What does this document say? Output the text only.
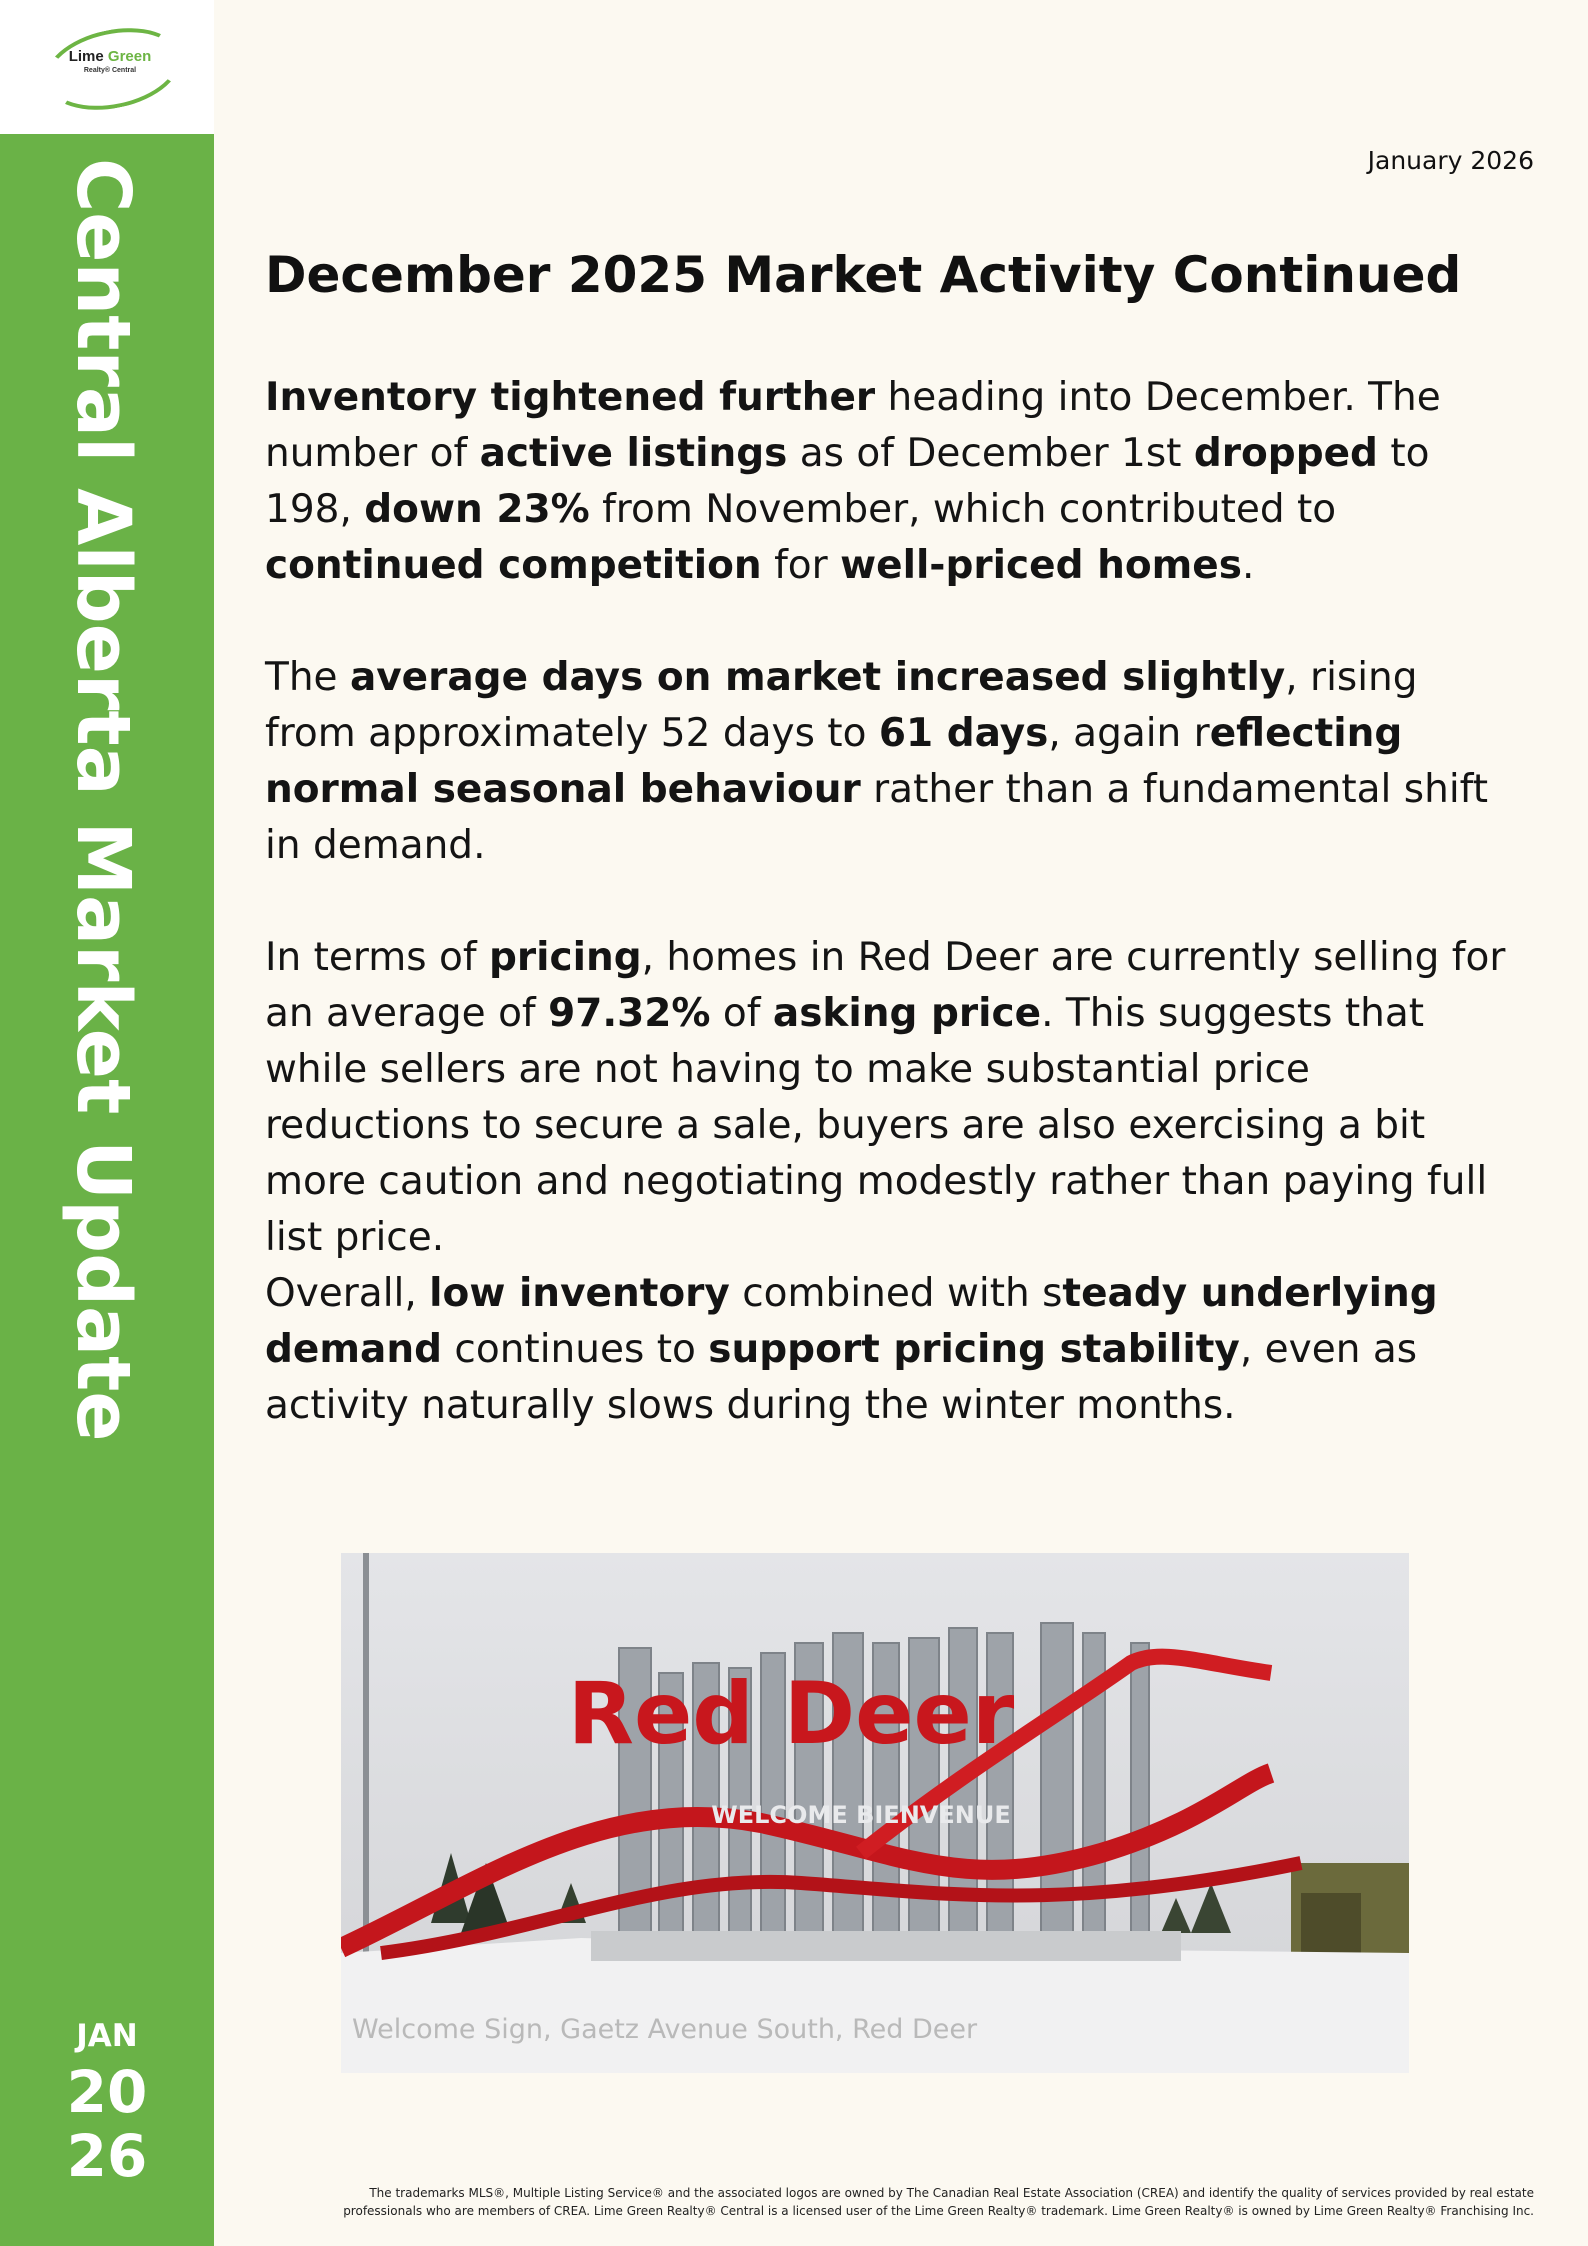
Lime Green
Realty® Central
Central Alberta Market Update
JAN
20
26
January 2026
December 2025 Market Activity Continued

Inventory tightened further heading into December. The number of active listings as of December 1st dropped to 198, down 23% from November, which contributed to continued competition for well-priced homes.

The average days on market increased slightly, rising from approximately 52 days to 61 days, again reflecting normal seasonal behaviour rather than a fundamental shift in demand.

In terms of pricing, homes in Red Deer are currently selling for an average of 97.32% of asking price. This suggests that while sellers are not having to make substantial price reductions to secure a sale, buyers are also exercising a bit more caution and negotiating modestly rather than paying full list price.

Overall, low inventory combined with steady underlying demand continues to support pricing stability, even as activity naturally slows during the winter months.

Red Deer
WELCOME BIENVENUE
Welcome Sign, Gaetz Avenue South, Red Deer
The trademarks MLS®, Multiple Listing Service® and the associated logos are owned by The Canadian Real Estate Association (CREA) and identify the quality of services provided by real estate
professionals who are members of CREA. Lime Green Realty® Central is a licensed user of the Lime Green Realty® trademark. Lime Green Realty® is owned by Lime Green Realty® Franchising Inc.
